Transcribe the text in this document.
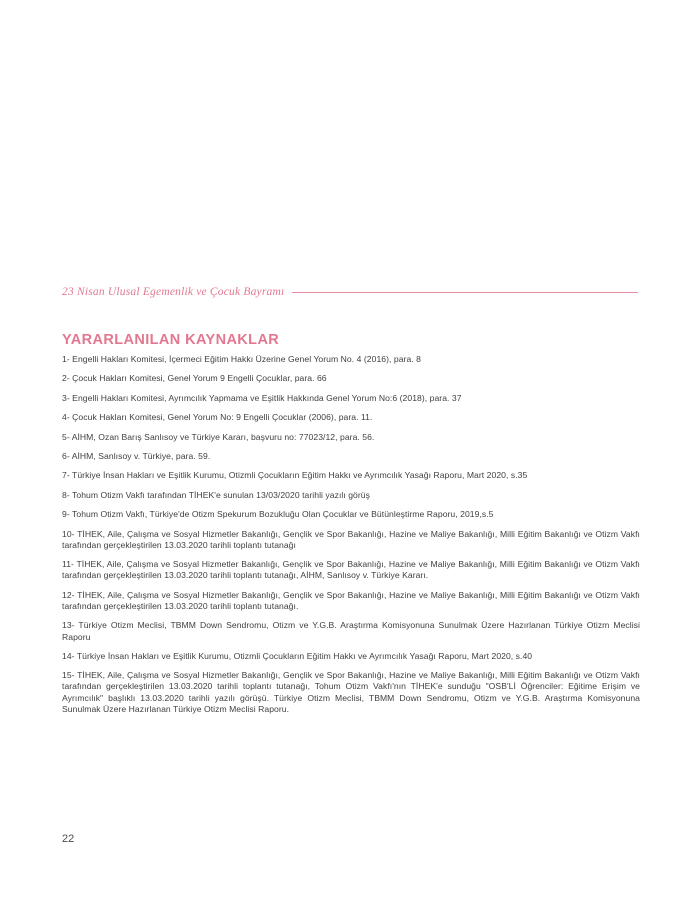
23 Nisan Ulusal Egemenlik ve Çocuk Bayramı
YARARLANILAN KAYNAKLAR
1- Engelli Hakları Komitesi, İçermeci Eğitim Hakkı Üzerine Genel Yorum No. 4 (2016), para. 8
2- Çocuk Hakları Komitesi, Genel Yorum 9 Engelli Çocuklar, para. 66
3- Engelli Hakları Komitesi, Ayrımcılık Yapmama ve Eşitlik Hakkında Genel Yorum No:6 (2018), para. 37
4- Çocuk Hakları Komitesi, Genel Yorum No: 9 Engelli Çocuklar (2006), para. 11.
5- AİHM, Ozan Barış Sanlısoy ve Türkiye Kararı, başvuru no: 77023/12, para. 56.
6- AİHM, Sanlısoy v. Türkiye, para. 59.
7- Türkiye İnsan Hakları ve Eşitlik Kurumu, Otizmli Çocukların Eğitim Hakkı ve Ayrımcılık Yasağı Raporu, Mart 2020, s.35
8- Tohum Otizm Vakfı tarafından TİHEK'e sunulan 13/03/2020 tarihli yazılı görüş
9- Tohum Otizm Vakfı, Türkiye'de Otizm Spekurum Bozukluğu Olan Çocuklar ve Bütünleştirme Raporu, 2019,s.5
10- TİHEK, Aile, Çalışma ve Sosyal Hizmetler Bakanlığı, Gençlik ve Spor Bakanlığı, Hazine ve Maliye Bakanlığı, Milli Eğitim Bakanlığı ve Otizm Vakfı tarafından gerçekleştirilen 13.03.2020 tarihli toplantı tutanağı
11- TİHEK, Aile, Çalışma ve Sosyal Hizmetler Bakanlığı, Gençlik ve Spor Bakanlığı, Hazine ve Maliye Bakanlığı, Milli Eğitim Bakanlığı ve Otizm Vakfı tarafından gerçekleştirilen 13.03.2020 tarihli toplantı tutanağı, AİHM, Sanlısoy v. Türkiye Kararı.
12- TİHEK, Aile, Çalışma ve Sosyal Hizmetler Bakanlığı, Gençlik ve Spor Bakanlığı, Hazine ve Maliye Bakanlığı, Milli Eğitim Bakanlığı ve Otizm Vakfı tarafından gerçekleştirilen 13.03.2020 tarihli toplantı tutanağı.
13- Türkiye Otizm Meclisi, TBMM Down Sendromu, Otizm ve Y.G.B. Araştırma Komisyonuna Sunulmak Üzere Hazırlanan Türkiye Otizm Meclisi Raporu
14- Türkiye İnsan Hakları ve Eşitlik Kurumu, Otizmli Çocukların Eğitim Hakkı ve Ayrımcılık Yasağı Raporu, Mart 2020, s.40
15- TİHEK, Aile, Çalışma ve Sosyal Hizmetler Bakanlığı, Gençlik ve Spor Bakanlığı, Hazine ve Maliye Bakanlığı, Milli Eğitim Bakanlığı ve Otizm Vakfı tarafından gerçekleştirilen 13.03.2020 tarihli toplantı tutanağı, Tohum Otizm Vakfı'nın TİHEK'e sunduğu "OSB'Lİ Öğrenciler: Eğitime Erişim ve Ayrımcılık" başlıklı 13.03.2020 tarihli yazılı görüşü. Türkiye Otizm Meclisi, TBMM Down Sendromu, Otizm ve Y.G.B. Araştırma Komisyonuna Sunulmak Üzere Hazırlanan Türkiye Otizm Meclisi Raporu.
22
